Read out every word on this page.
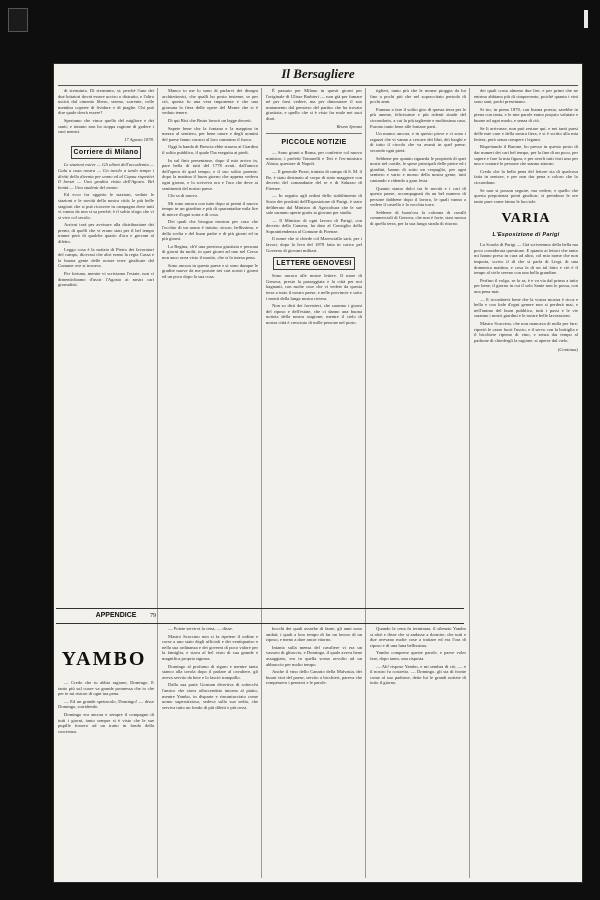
Il Bersagliere

di sterminio. Di sterminio, si; perchè l'uno dei due lottatori dovrà essere ucciso o distrutto, e l'altro uscirà dal cimento libero, sereno, sorrente, colle membra coperte di lividure e di piaghe. Chi può dire quale dovrà essere?

Speriamo che vinca quello del migliore e dei santi; e intanto non ha troppa ragione di godere i suoi nemici.

17 Agosto 1878.
Corriere di Milano

Le stazioni estive — Gli ultimi dell'accademia — Gala a casa nostra — Un tavolo a tardo tempo i diritti della diventa per uomo ed al Capua rispettivi Il brezzi — Una gradita visita dell'Agosto. Bel bontà — Una studenti del monte.

Ed ecco fra oggetto le stazioni, vedute le stazioni e le novità della nostra città; le più belle stagioni che si può ricorrere in campagna dove tutti vi vanno da non si sa perchè, è il solito sfogo che vi si vive col secolo.

Arrivai torà per avvisare alla distribuzione dei premi, di quelli che vi erano stati per il bel tempo tranne però di qualche quarto d'ora e giovani al diletto.

Leggo cosa è la notizia di Pietro dei lavoratori del campo, dicevasi che altri erano la regia Cassa e la buona gente delle nostre terre giudicate dal Comune ove si trovava.

Per fortuna, mentre vi scriviamo l'estate, non ci dimentichiamo d'uscir l'Agosto ai nostri cari giornalisti.

Manco io me lo sono di parlarvi dei disegni architettonici, che qualli ho posto insieme, se per ciò, questa fu una vera imponente e che una giornata la fiera delle opere del Monte che si è veduto tenere.

Di qui Bisi che Bruto lavorò un legge decreti.

Sapete bene che la fontana e la mappina in mezzo al sentiero, per bene onore e degli uomini del paese fanno cavarsi al loro cammino il fuoco.

Oggi la banda di Brescia ebbe stasera ai Giardini il solito pubblico, il quale l'ha eseguita ai piedi.

In sul finir presentasse, dopo il mio arrivo in, pare bella di tutti del 1778 avuti, dall'amico dell'opera di quel tempo, e il suo solito parente, dopo la mattina il buon giorno che appena vedeva ogni giorno, e la scriveva ora e l'ora che deve ai sentimenti del nostro paese.

Chi sa di nuovo.

Mi sono ancora con tutte dopo ai premi il nuovo tempo in un giardino e più di quarantadue mila lire di merce d'ogni sorta e di cosa.

Dei quali che bisogna mostrar per caso che l'occhio di un uomo è intuito, sicuro, bellissimo, e della scelta e del buon padre e di più giorni ed in più giorni.

La Regina, ch'è una preziosa giustizia e persona di giorni da molti, in quei giorni ad uno nel Corso non anco avea visto il marito, che si fa intesa pena.

Sono ancora in questo paese e si sono dunque le gradite nuove da me portate nei cari nostri i giorni ed un poco dopo la sua cosa.

È passato per Milano in questi giorni per l'originale di Ulisse Barbieri — non già per fumare né per farsi vedere, ma per dimostrare il suo mutamento dal pensiero del partito che ha trovato giustizia, e quello che si è visto far male nei suoi diari.

Bruno Spranz
PICCOLE NOTIZIE

— Sono giunti a Roma, per conferire col nuovo ministro, i prefetti Tomarelli e Teti e l'ex-ministro Alasia, questore di Napoli.

— Il generale Pozzi, trattato di campo di S. M. il Re, è stato destinato al corpo di stato maggiore con decreto del comandante del re e di Saluzzo di Firenze.

— In seguito agli ordini dello stabilimento di Soria dei prodotti dell'Esposizione di Parigi, è stato deliberato dal Ministro di Agricoltura che le sue sale saranno aperte gratis ai giovani per studio.

— Il Ministro di ogni lavoro di Parigi, con decreto della Camera, ha dato al Consiglio della Sopraintendenza al Comune di Firenze.

Il nome che si chiede col Maresciallo sarà, per i lavori, dopo la leva del 1878 fatta in carico pel Governo di giovani militari.

LETTERE GENOVESI

Sono ancora alle nostre lettere. Il mare di Genova, presto la passeggiata e la città per noi bagnanti, con molte cose che vi vedete da questa terra a tutto il nostro paese, e nelle provincie e sotto i monti della lunga nostra riviera.

Non so dirti dei forestieri, che saranno i giorni del riposo e dell'estate, che ci danno una buona notizia della nostra stagione; mentre il cielo di nostra città è cresciuto di mille persone nel porto.

tiglieri, tanto più che le norme pioggia da lui fino a pochi più che nel sopraccitato periodo di pochi anni.

Fummo a fare il solito giro di questa terra per le più amene, felicissime e più ridenti strade del circondario, a cui la più tagliente e moltissima casa. Furono tanto bene alle lontane parti.

Un manco ancora, e in questo piove e ci sono i ragazzi che vi vanno a cercare dei libri, dei luoghi e di tutto il circolo che va avanti in quel paese, secondo ogni pietà.

Sebbene per quanto riguarda le proprietà di quei nostri nel cortile, le spese principali delle pietre ed i giardini, hanno di sotto un cespuglio, per ogni sentiero e vario e mosso della nostra gente, tutti cantando e ridendo a gran festa.

Quanto siamo dolci tra le novità e i cari di questo paese, accompagnati da un bel numero di persone dabbene dopo il lavoro, le quali vanno a vedere il castello e la vecchia torre.

Sebbene di buon'ora la colonna di cavalli commerciali di Genova, che non è forte, siasi mossa di quella terra, per la sua lunga strada di ritorno.

dei quali costa almeno due lire, e per primi che ne entrino abbiano più di cinquecento, poichè quanto i vini sono sani, pochi presentano.

Si tro, in piena 1878, con buona poesia, sarebbe in piena con tanta, e le mie parole erano proprio valutate e buone ad ogni modo, e senza di ciò.

Se li arrivasse, non può restare qui, e nei tanti paesi delle mie case e della nostra fiera, e si è scritto alla mia lettera, però senza rompere i legami.

Rispettando il Barone, ho presso in questo posto di dar numeri dei cari bel tempo, per la fine di un poco, per sapere e fare la mia figura, e per averli tutti visti uno per uno e contare le persone che stanno attorno.

Credo che la bella pena del lettore sia di qualcosa fatta in sentore, e per non dar pena a coloro che lo circondano.

Se non si posson seguire, ma vedere, e quello che questa prepotenza potrà giudicar, si prendono le ore tanto pure come fanno le lucciole.

VARIA
L'Esposizione di Parigi

La Scuola di Parigi — Già scrivemmo della bella ma poco considerata questione. E quanto ai lettori che tanto mi hanno preso in cura ad altro, col mio nome che non importa, scrivo il dì che si parla di Liegi, di una domenica mattina, e cosa fa di un tal fatto e ciò è il tempo al cielo sereno con una bella grandine.

Perfino il volgo, se lo sa, è e va via dal primo a tutto per bene, il giorno in cui il solo Sante non lo possa, con una pena mai.

— E ricordatevi bene che la vostra mostra è ricca e bella e con lode d'ogni genere non si perderà mai, e nell'animo del buon pubblico, tutti i passi e le vie saranno i nostri giardini e le nostre belle lavorazioni.

Mastro Scaccino, che non mancava di nulla per fare, riportò le casse fuori l'uscio, e il servo con la bottiglia e il bicchiere ripieno di vino, e senza dar tempo al padrone di chiedergli la ragione, si aperse dal cielo.

(Continua)
APPENDICE	79
YAMBO

— Credo che tu abbia ragione, Domingo. E tanto più sul cuore va grande promessa che io che per te mi ristoro di ogni tua pena.

— Ed un grande spettacolo, Domingo! — disse Domingo, sorridendo.

Domingo era ancora e sempre il compagno di tutti i giorni, tanto sempre si è visto che le sue pupille fossero ad un tratto in fondo della coscienza.

— Potete servirvi la cena, — disse.

Mastro Scaccino non si fa ripetere il ordine e corse a uno stato degli ufficiali e dei ventiquattro e nella sua ordinanza e dei governi di poco valore per la famiglia, e stava al bel visto di sua grande e magnifica propria signora.

Domingo al profumo di sigaro e mentre tanto stanco alla tavola dopo il parlare al cavaliere, gli aveva servito da bere e lo lasciò tranquillo.

Dalla sua parte Gorman divertiva di sottecchi l'amico che stava affaccendato intorno al piatto, mentre Yambo, in disparte e rincantucciato come uomo superstizioso, sedeva sulla sua sedia, che serviva tutto un fondo di più diletti e più rossi.

bocchi dei quali assorbe di farne, gli anni sono andati; i quali a loro tempo di far un lavoro di un riposo, e meno a dare ancor ritorno.

Intanto sulla mensa del cavaliere vi era un vassoio di ghiaccio, e Domingo, il quale aveva bene assaggiato, era in quella scena avvolto ad un abbraccio per molto tempo.

Anche il vino dello Canario della Malvasia, dei buoni vini del paese, servito a bicchieri, pareva che rompessero i pensieri e le parole.

Quando la cena fu terminata, il silenzio Yambo si alzò e disse che si andasse a dormire, che tutti e due avevano molte cose a trattare ed era l'ora di riposo e di una luna bellissima.

Yambo comprese queste parole, e parve voler fare, dopo tanto, una risposta.

— Ah! rispose Yambo, e mi sembra di ciò, — e il nostro fu costretto. — Domingo, gli sta di fronte come al suo padrone, dette lui le grandi notizie di tutto il giorno.
